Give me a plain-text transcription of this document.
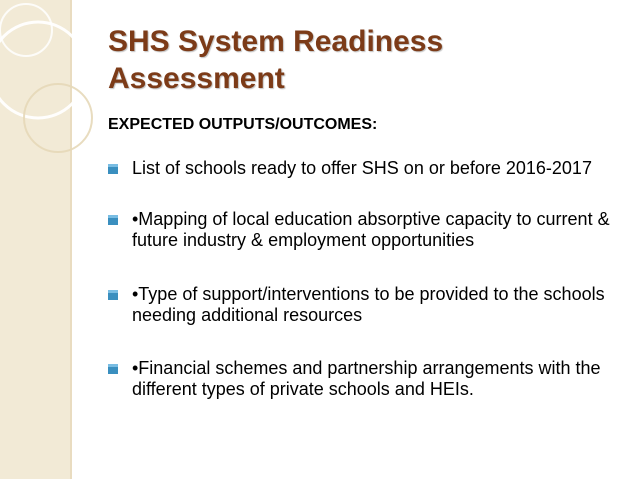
SHS System Readiness Assessment
EXPECTED OUTPUTS/OUTCOMES:
List of schools ready to offer SHS on or before 2016-2017
•Mapping of local education absorptive capacity to current & future industry & employment opportunities
•Type of support/interventions to be provided to the schools needing additional resources
•Financial schemes and partnership arrangements with the different types of private schools and HEIs.
